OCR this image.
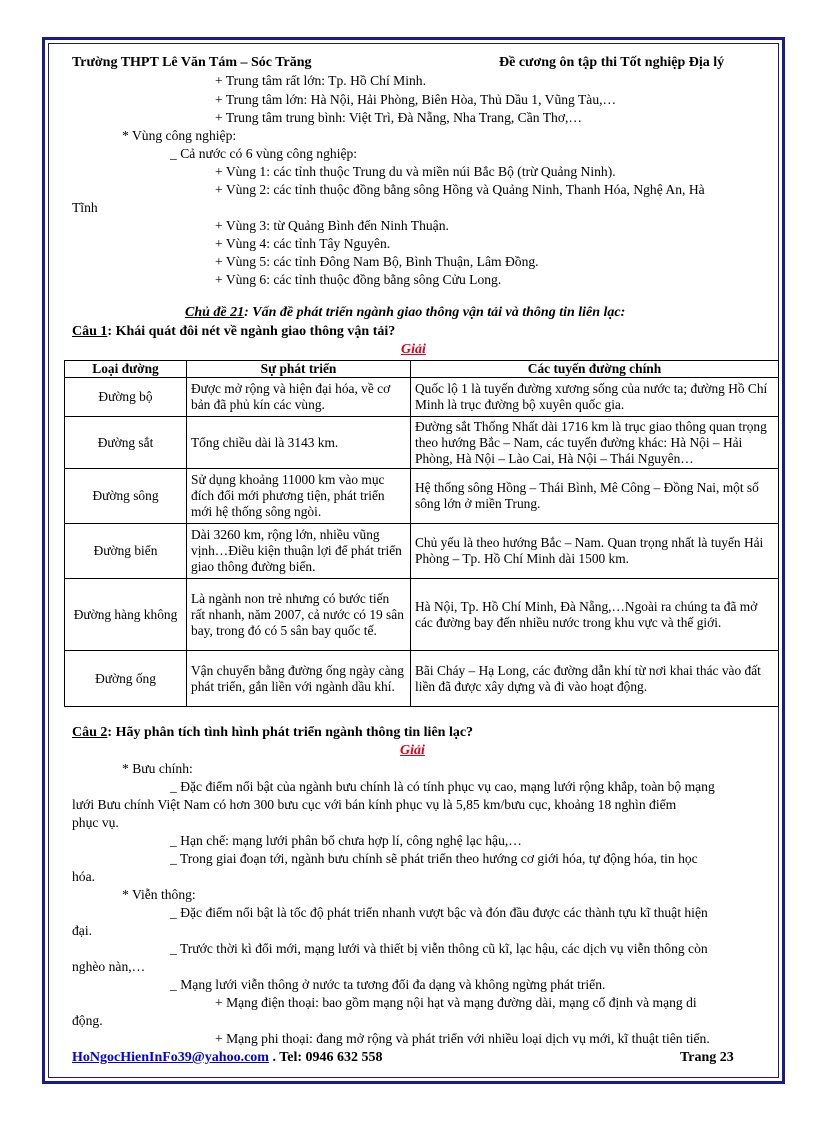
Trường THPT Lê Văn Tám – Sóc Trăng	Đề cương ôn tập thi Tốt nghiệp Địa lý
+ Trung tâm rất lớn: Tp. Hồ Chí Minh.
+ Trung tâm lớn: Hà Nội, Hải Phòng, Biên Hòa, Thủ Dầu 1, Vũng Tàu,…
+ Trung tâm trung bình: Việt Trì, Đà Nẵng, Nha Trang, Cần Thơ,…
* Vùng công nghiệp:
_ Cả nước có 6 vùng công nghiệp:
+ Vùng 1: các tỉnh thuộc Trung du và miền núi Bắc Bộ (trừ Quảng Ninh).
+ Vùng 2: các tỉnh thuộc đồng bằng sông Hồng và Quảng Ninh, Thanh Hóa, Nghệ An, Hà
Tĩnh
+ Vùng 3: từ Quảng Bình đến Ninh Thuận.
+ Vùng 4: các tỉnh Tây Nguyên.
+ Vùng 5: các tỉnh Đông Nam Bộ, Bình Thuận, Lâm Đồng.
+ Vùng 6: các tỉnh thuộc đồng bằng sông Cửu Long.
Chủ đề 21: Vấn đề phát triển ngành giao thông vận tải và thông tin liên lạc:
Câu 1: Khái quát đôi nét về ngành giao thông vận tải?
Giải
Loại đường	Sự phát triển	Các tuyến đường chính
Đường bộ	Được mở rộng và hiện đại hóa, về cơ bản đã phủ kín các vùng.	Quốc lộ 1 là tuyến đường xương sống của nước ta; đường Hồ Chí Minh là trục đường bộ xuyên quốc gia.
Đường sắt	Tổng chiều dài là 3143 km.	Đường sắt Thống Nhất dài 1716 km là trục giao thông quan trọng theo hướng Bắc – Nam, các tuyến đường khác: Hà Nội – Hải Phòng, Hà Nội – Lào Cai, Hà Nội – Thái Nguyên…
Đường sông	Sử dụng khoảng 11000 km vào mục đích đổi mới phương tiện, phát triển mới hệ thống sông ngòi.	Hệ thống sông Hồng – Thái Bình, Mê Công – Đồng Nai, một số sông lớn ở miền Trung.
Đường biển	Dài 3260 km, rộng lớn, nhiều vũng vịnh…Điều kiện thuận lợi để phát triển giao thông đường biển.	Chủ yếu là theo hướng Bắc – Nam. Quan trọng nhất là tuyến Hải Phòng – Tp. Hồ Chí Minh dài 1500 km.
Đường hàng không	Là ngành non trẻ nhưng có bước tiến rất nhanh, năm 2007, cả nước có 19 sân bay, trong đó có 5 sân bay quốc tế.	Hà Nội, Tp. Hồ Chí Minh, Đà Nẵng,…Ngoài ra chúng ta đã mở các đường bay đến nhiều nước trong khu vực và thế giới.
Đường ống	Vận chuyển bằng đường ống ngày càng phát triển, gắn liền với ngành dầu khí.	Bãi Cháy – Hạ Long, các đường dẫn khí từ nơi khai thác vào đất liền đã được xây dựng và đi vào hoạt động.
Câu 2: Hãy phân tích tình hình phát triển ngành thông tin liên lạc?
Giải
* Bưu chính:
_ Đặc điểm nổi bật của ngành bưu chính là có tính phục vụ cao, mạng lưới rộng khắp, toàn bộ mạng
lưới Bưu chính Việt Nam có hơn 300 bưu cục với bán kính phục vụ là 5,85 km/bưu cục, khoảng 18 nghìn điểm
phục vụ.
_ Hạn chế: mạng lưới phân bố chưa hợp lí, công nghệ lạc hậu,…
_ Trong giai đoạn tới, ngành bưu chính sẽ phát triển theo hướng cơ giới hóa, tự động hóa, tin học
hóa.
* Viễn thông:
_ Đặc điểm nổi bật là tốc độ phát triển nhanh vượt bậc và đón đầu được các thành tựu kĩ thuật hiện
đại.
_ Trước thời kì đổi mới, mạng lưới và thiết bị viễn thông cũ kĩ, lạc hậu, các dịch vụ viễn thông còn
nghèo nàn,…
_ Mạng lưới viễn thông ở nước ta tương đối đa dạng và không ngừng phát triển.
+ Mạng điện thoại: bao gồm mạng nội hạt và mạng đường dài, mạng cố định và mạng di
động.
+ Mạng phi thoại: đang mở rộng và phát triển với nhiều loại dịch vụ mới, kĩ thuật tiên tiến.
HoNgocHienInFo39@yahoo.com . Tel: 0946 632 558	Trang 23
